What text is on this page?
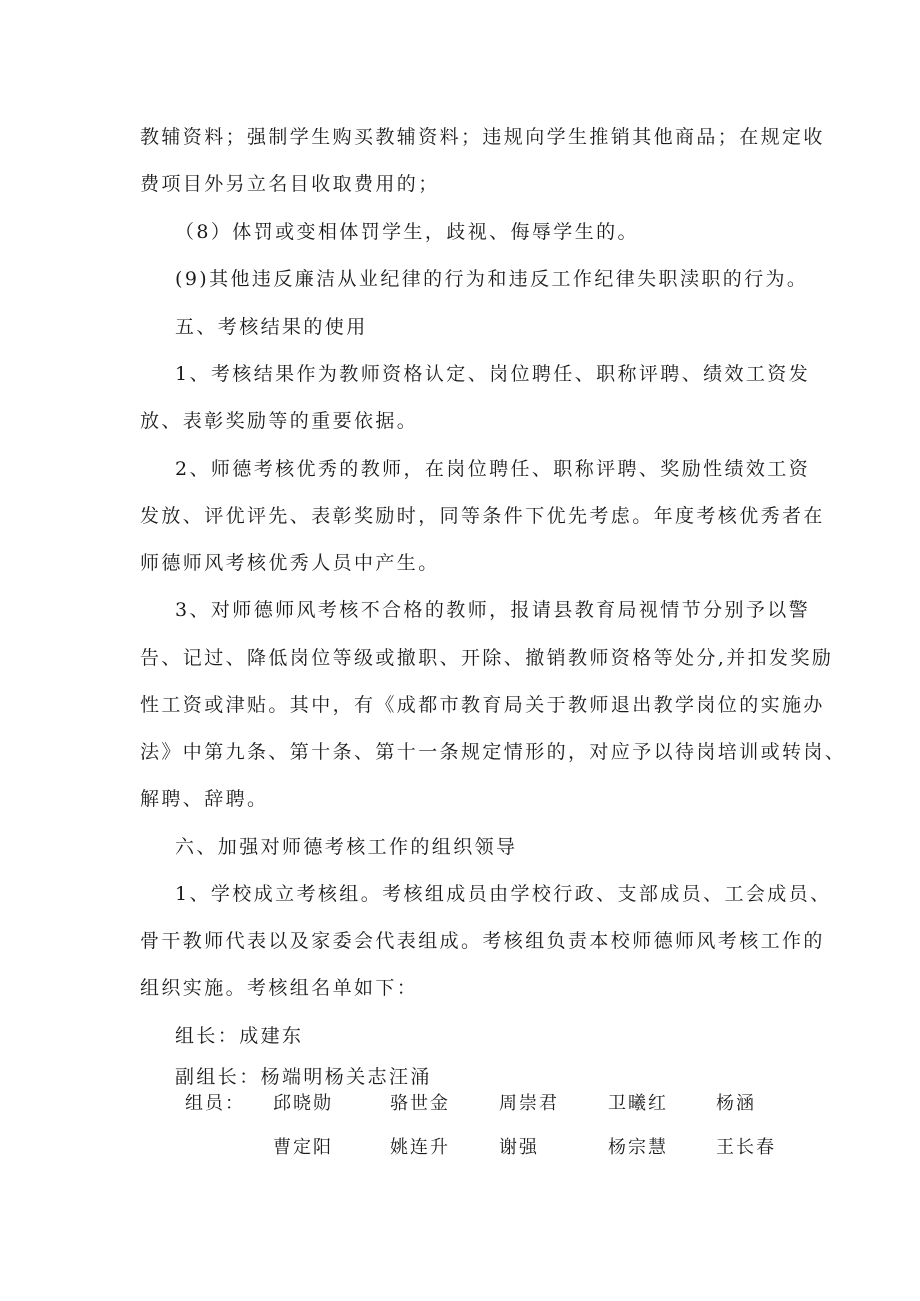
教辅资料；强制学生购买教辅资料；违规向学生推销其他商品；在规定收
费项目外另立名目收取费用的；
（8）体罚或变相体罚学生，歧视、侮辱学生的。
(9)其他违反廉洁从业纪律的行为和违反工作纪律失职渎职的行为。
五、考核结果的使用
1、考核结果作为教师资格认定、岗位聘任、职称评聘、绩效工资发
放、表彰奖励等的重要依据。
2、师德考核优秀的教师，在岗位聘任、职称评聘、奖励性绩效工资
发放、评优评先、表彰奖励时，同等条件下优先考虑。年度考核优秀者在
师德师风考核优秀人员中产生。
3、对师德师风考核不合格的教师，报请县教育局视情节分别予以警
告、记过、降低岗位等级或撤职、开除、撤销教师资格等处分,并扣发奖励
性工资或津贴。其中，有《成都市教育局关于教师退出教学岗位的实施办
法》中第九条、第十条、第十一条规定情形的，对应予以待岗培训或转岗、
解聘、辞聘。
六、加强对师德考核工作的组织领导
1、学校成立考核组。考核组成员由学校行政、支部成员、工会成员、
骨干教师代表以及家委会代表组成。考核组负责本校师德师风考核工作的
组织实施。考核组名单如下：
组长：成建东
副组长：杨端明杨关志汪涌
组员： 邱晓勋	骆世金	周崇君	卫曦红	杨涵
曹定阳	姚连升	谢强	杨宗慧	王长春
